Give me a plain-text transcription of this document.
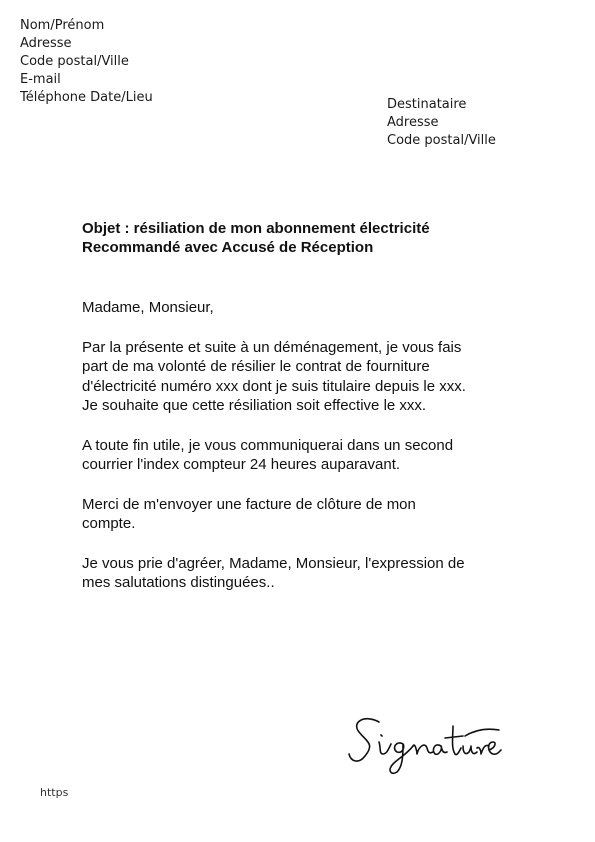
Nom/Prénom
Adresse
Code postal/Ville
E-mail
Téléphone Date/Lieu	Destinataire
Adresse
Code postal/Ville
Objet : résiliation de mon abonnement électricité
Recommandé avec Accusé de Réception

Madame, Monsieur,

Par la présente et suite à un déménagement, je vous fais
part de ma volonté de résilier le contrat de fourniture
d'électricité numéro xxx dont je suis titulaire depuis le xxx.
Je souhaite que cette résiliation soit effective le xxx.

A toute fin utile, je vous communiquerai dans un second
courrier l'index compteur 24 heures auparavant.

Merci de m'envoyer une facture de clôture de mon
compte.

Je vous prie d'agréer, Madame, Monsieur, l'expression de
mes salutations distinguées..

https
